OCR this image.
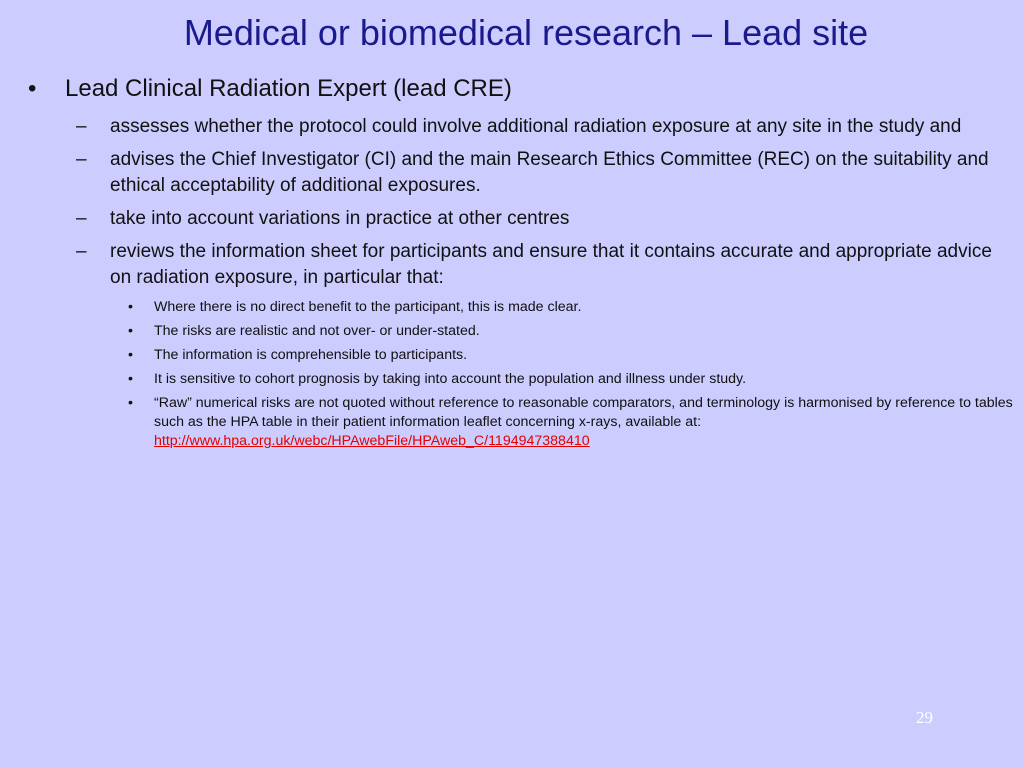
Medical or biomedical research – Lead site
• Lead Clinical Radiation Expert (lead CRE)
– assesses whether the protocol could involve additional radiation exposure at any site in the study and
– advises the Chief Investigator (CI) and the main Research Ethics Committee (REC) on the suitability and ethical acceptability of additional exposures.
– take into account variations in practice at other centres
– reviews the information sheet for participants and ensure that it contains accurate and appropriate advice on radiation exposure, in particular that:
• Where there is no direct benefit to the participant, this is made clear.
• The risks are realistic and not over- or under-stated.
• The information is comprehensible to participants.
• It is sensitive to cohort prognosis by taking into account the population and illness under study.
• “Raw” numerical risks are not quoted without reference to reasonable comparators, and terminology is harmonised by reference to tables such as the HPA table in their patient information leaflet concerning x-rays, available at:
http://www.hpa.org.uk/webc/HPAwebFile/HPAweb_C/1194947388410
29
